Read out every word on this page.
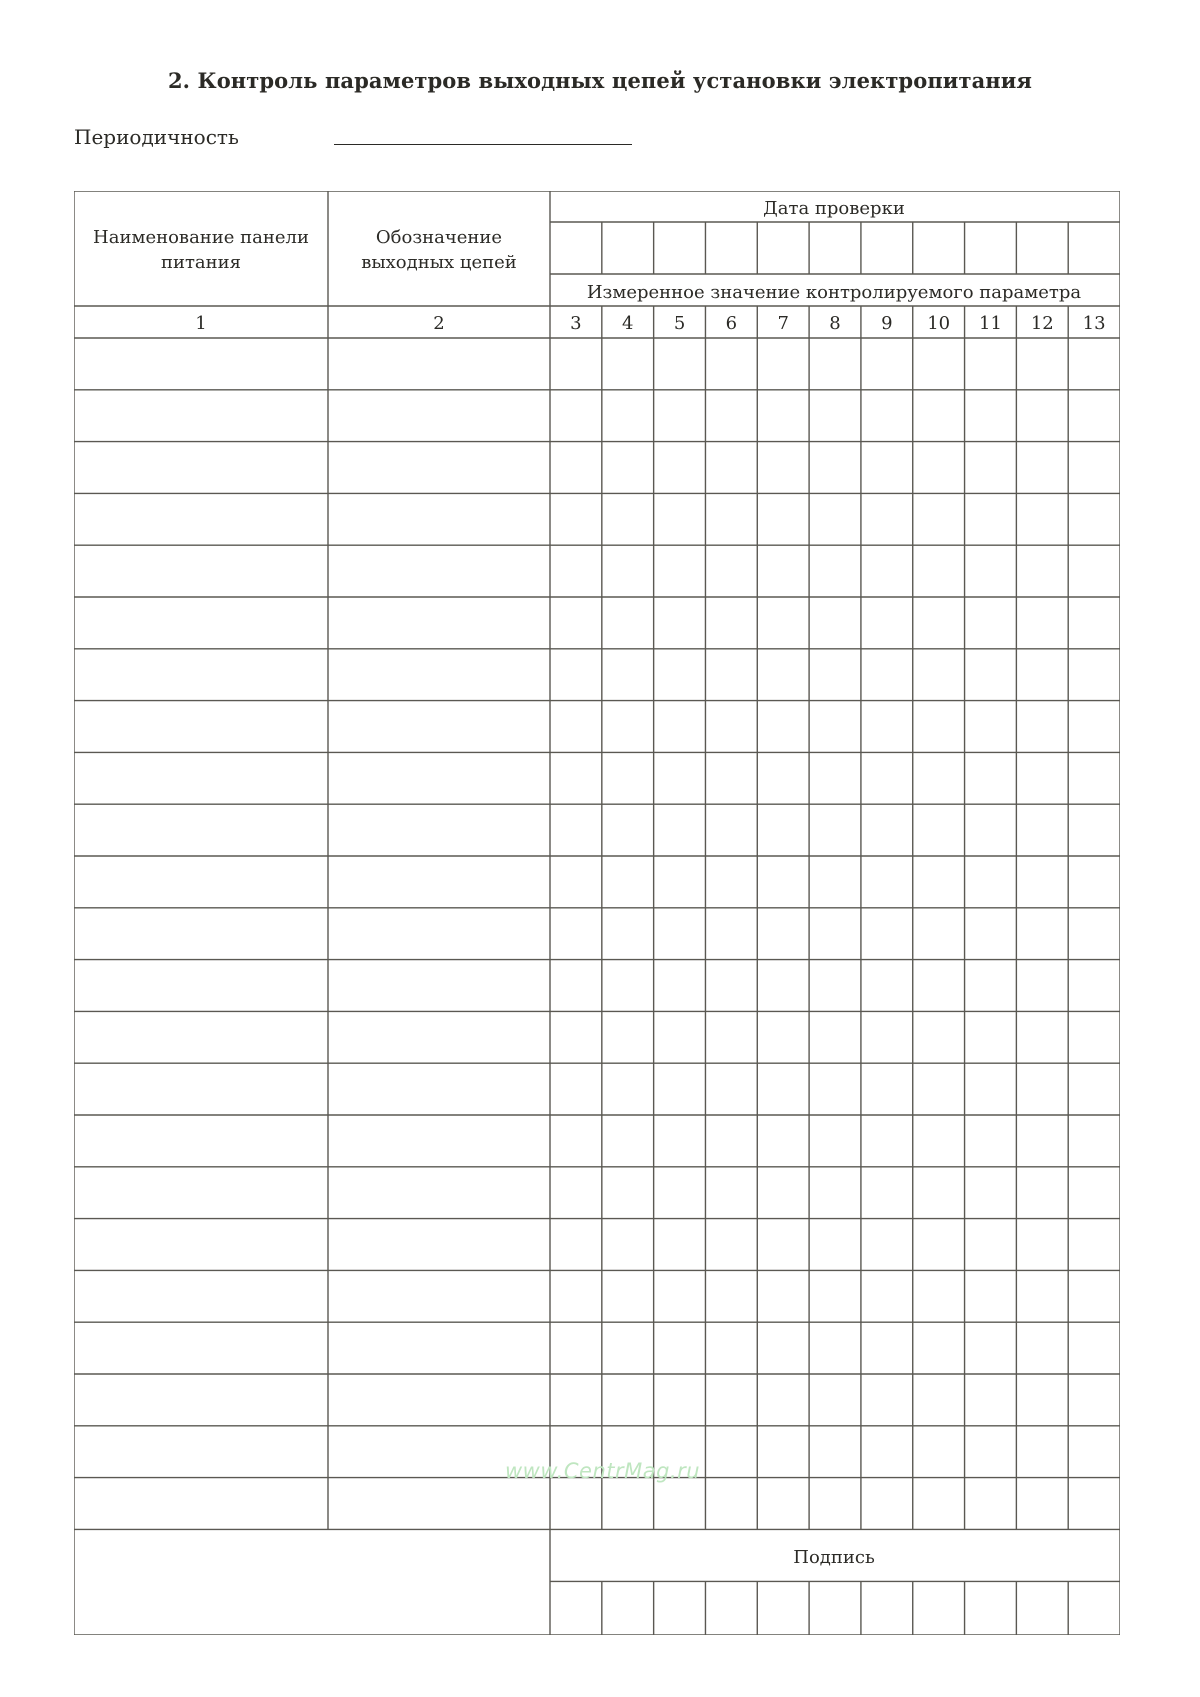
2. Контроль параметров выходных цепей установки электропитания
Периодичность
Наименование панели
питания
Обозначение
выходных цепей
Дата проверки
Измеренное значение контролируемого параметра
Подпись
1	2	3 4 5 6 7 8 9 10 11 12 13
www.CentrMag.ru
